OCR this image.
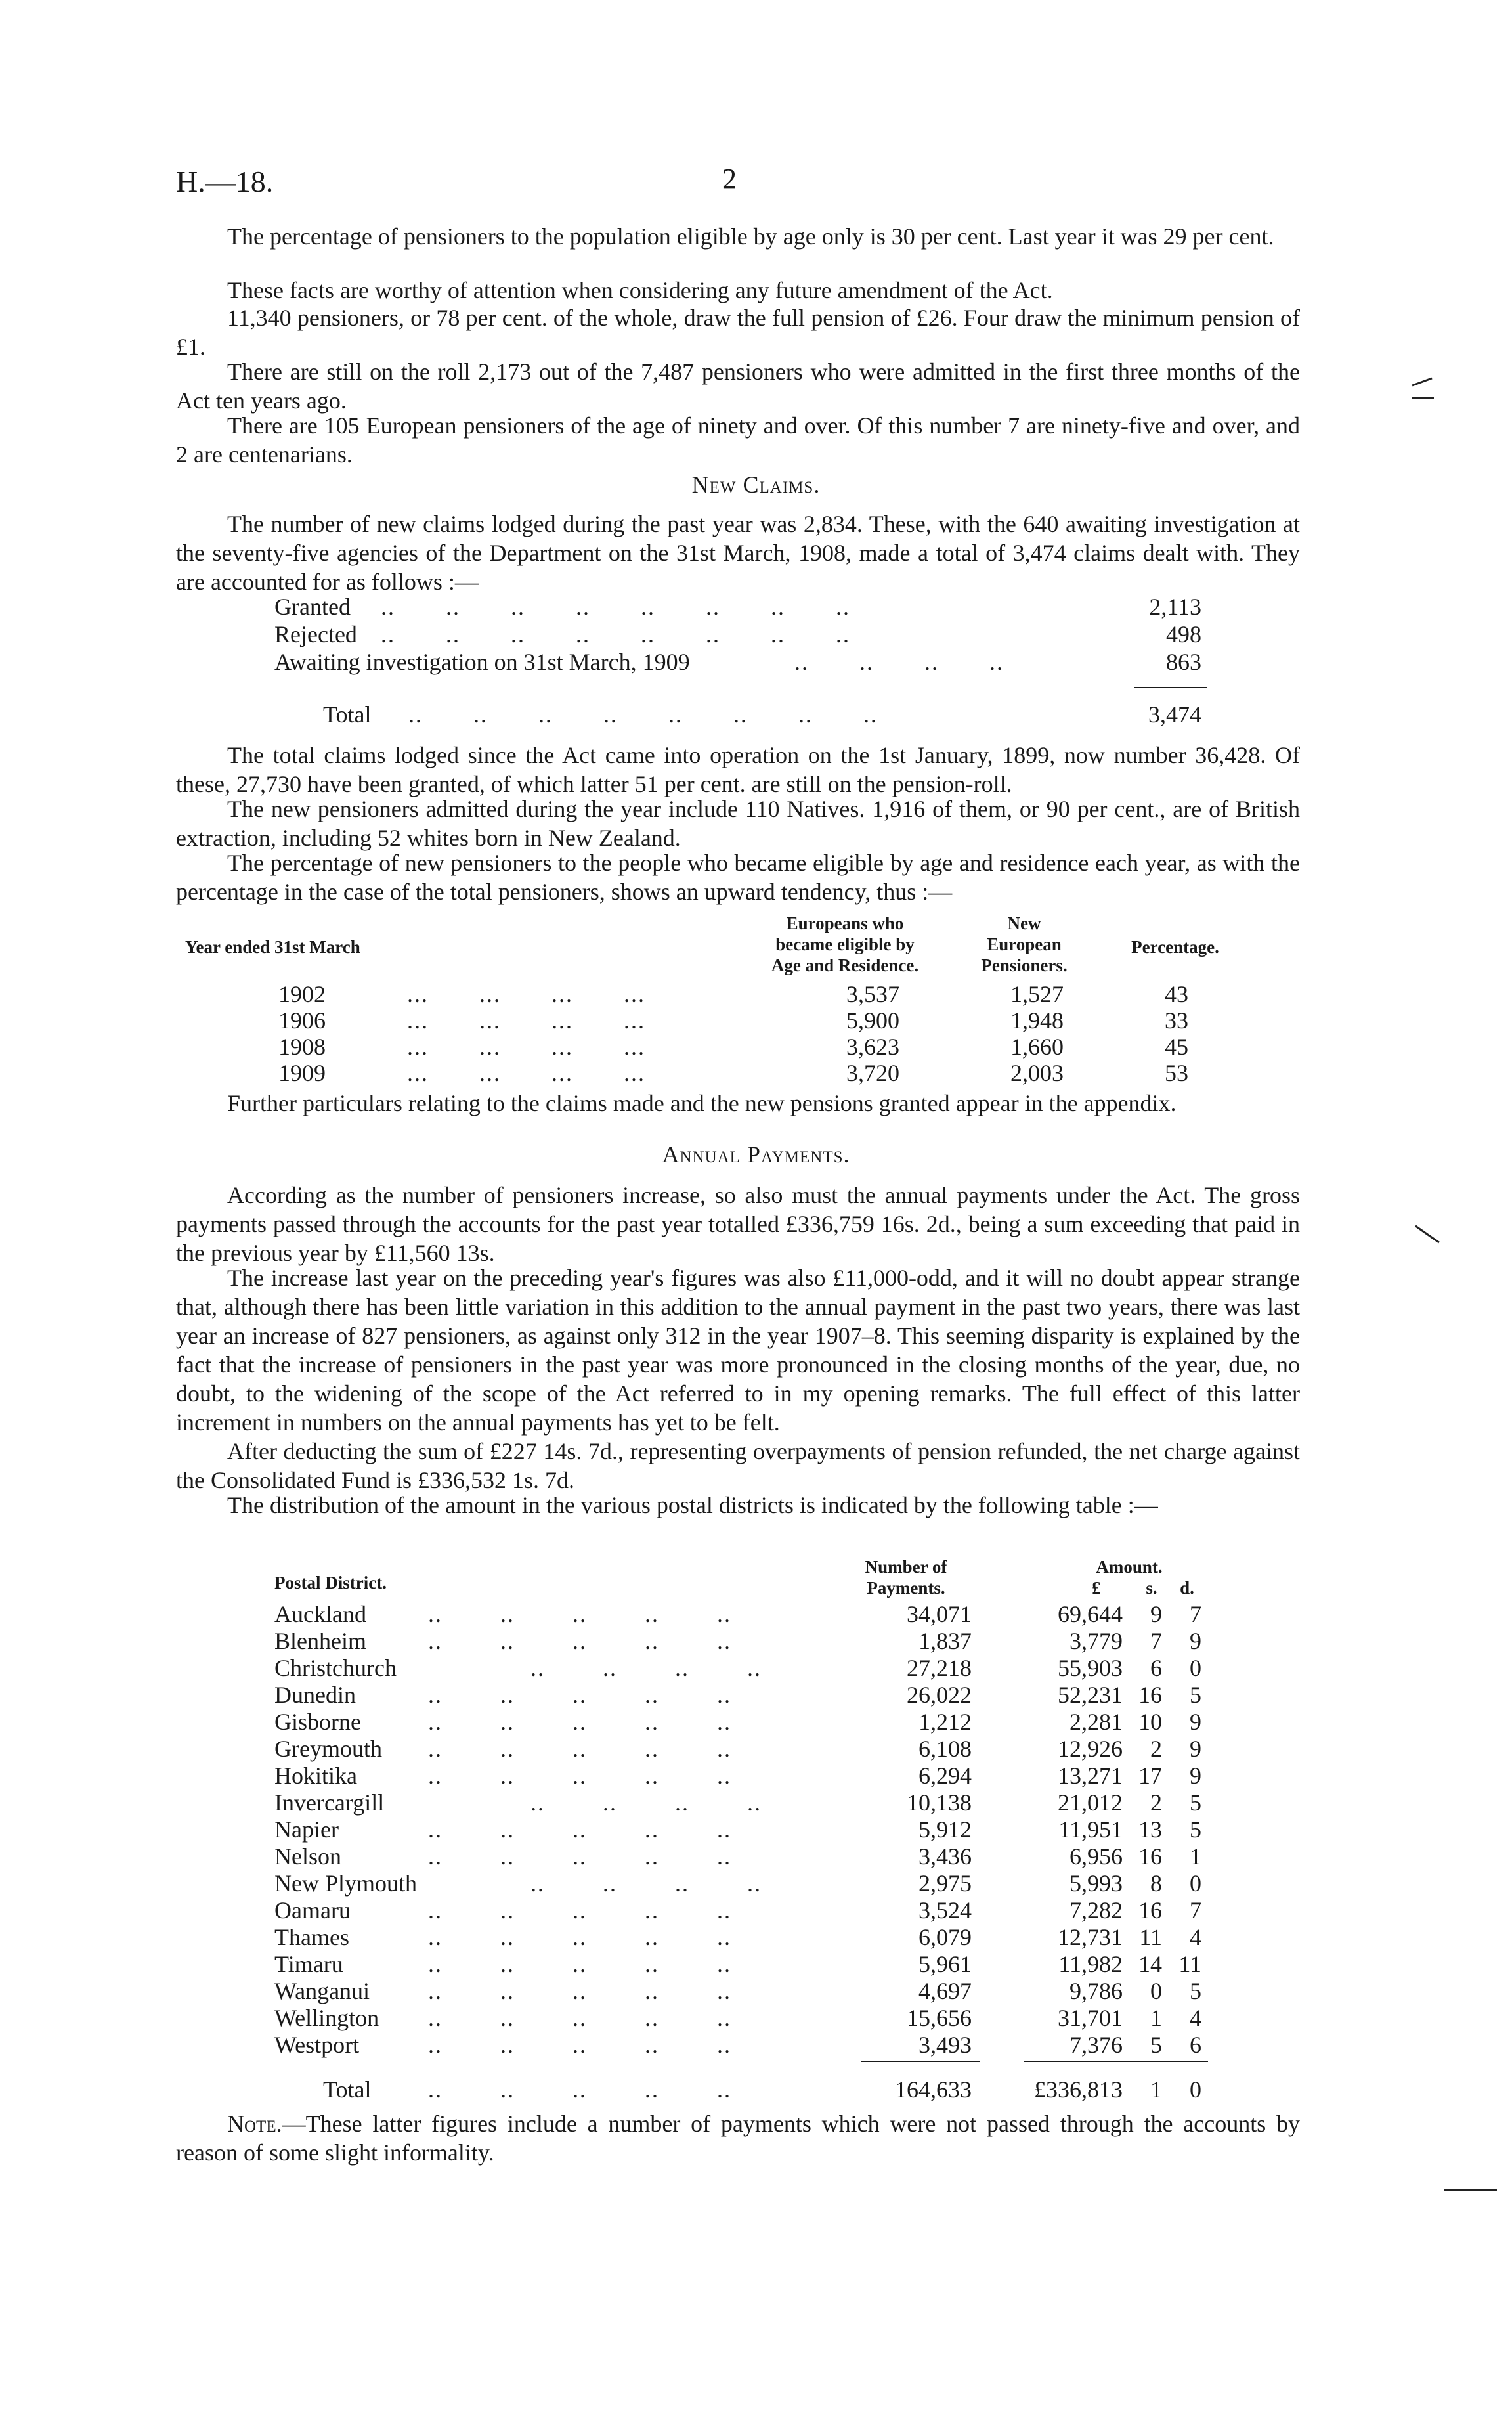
H.—18.	2
The percentage of pensioners to the population eligible by age only is 30 per cent. Last year it was 29 per cent.
These facts are worthy of attention when considering any future amendment of the Act.
11,340 pensioners, or 78 per cent. of the whole, draw the full pension of £26. Four draw the minimum pension of £1.
There are still on the roll 2,173 out of the 7,487 pensioners who were admitted in the first three months of the Act ten years ago.
There are 105 European pensioners of the age of ninety and over. Of this number 7 are ninety-five and over, and 2 are centenarians.
New Claims.
The number of new claims lodged during the past year was 2,834. These, with the 640 awaiting investigation at the seventy-five agencies of the Department on the 31st March, 1908, made a total of 3,474 claims dealt with. They are accounted for as follows :—
Granted ..       ..       ..       ..       ..       ..       ..       ..	2,113
Rejected ..       ..       ..       ..       ..       ..       ..       ..	498
Awaiting investigation on 31st March, 1909	..       ..       ..       ..	863
Total ..       ..       ..       ..       ..       ..       ..       ..	3,474
The total claims lodged since the Act came into operation on the 1st January, 1899, now number 36,428. Of these, 27,730 have been granted, of which latter 51 per cent. are still on the pension-roll.
The new pensioners admitted during the year include 110 Natives. 1,916 of them, or 90 per cent., are of British extraction, including 52 whites born in New Zealand.
The percentage of new pensioners to the people who became eligible by age and residence each year, as with the percentage in the case of the total pensioners, shows an upward tendency, thus :—
Year ended 31st March
Europeans who
became eligible by
Age and Residence.
New
European
Pensioners.
Percentage.
1902	...       ...       ...       ...	3,537	1,527	43
1906	...       ...       ...       ...	5,900	1,948	33
1908	...       ...       ...       ...	3,623	1,660	45
1909	...       ...       ...       ...	3,720	2,003	53
Further particulars relating to the claims made and the new pensions granted appear in the appendix.
Annual Payments.
According as the number of pensioners increase, so also must the annual payments under the Act. The gross payments passed through the accounts for the past year totalled £336,759 16s. 2d., being a sum exceeding that paid in the previous year by £11,560 13s.
The increase last year on the preceding year's figures was also £11,000-odd, and it will no doubt appear strange that, although there has been little variation in this addition to the annual payment in the past two years, there was last year an increase of 827 pensioners, as against only 312 in the year 1907–8. This seeming disparity is explained by the fact that the increase of pensioners in the past year was more pronounced in the closing months of the year, due, no doubt, to the widening of the scope of the Act referred to in my opening remarks. The full effect of this latter increment in numbers on the annual payments has yet to be felt.
After deducting the sum of £227 14s. 7d., representing overpayments of pension refunded, the net charge against the Consolidated Fund is £336,532 1s. 7d.
The distribution of the amount in the various postal districts is indicated by the following table :—
Postal District.
Number of
Payments.
Amount.
£	s.	d.
..        ..        ..        ..        ..
Auckland	34,071	69,644	9	7
..        ..        ..        ..        ..
Blenheim	1,837	3,779	7	9
..        ..        ..        ..
Christchurch	27,218	55,903	6	0
..        ..        ..        ..        ..
Dunedin	26,022	52,231 16	5
..        ..        ..        ..        ..
Gisborne	1,212	2,281 10	9
..        ..        ..        ..        ..
Greymouth	6,108	12,926	2	9
..        ..        ..        ..        ..
Hokitika	6,294	13,271 17	9
..        ..        ..        ..
Invercargill	10,138	21,012	2	5
..        ..        ..        ..        ..
Napier	5,912	11,951 13	5
..        ..        ..        ..        ..
Nelson	3,436	6,956 16	1
..        ..        ..        ..
New Plymouth	2,975	5,993	8	0
..        ..        ..        ..        ..
Oamaru	3,524	7,282 16	7
..        ..        ..        ..        ..
Thames	6,079	12,731 11	4
..        ..        ..        ..        ..
Timaru	5,961	11,982 14 11
..        ..        ..        ..        ..
Wanganui	4,697	9,786	0	5
..        ..        ..        ..        ..
Wellington	15,656	31,701	1	4
..        ..        ..        ..        ..
Westport	3,493	7,376	5	6
Total ..        ..        ..        ..        ..	164,633	£336,813	1	0
Note.—These latter figures include a number of payments which were not passed through the accounts by reason of some slight informality.
